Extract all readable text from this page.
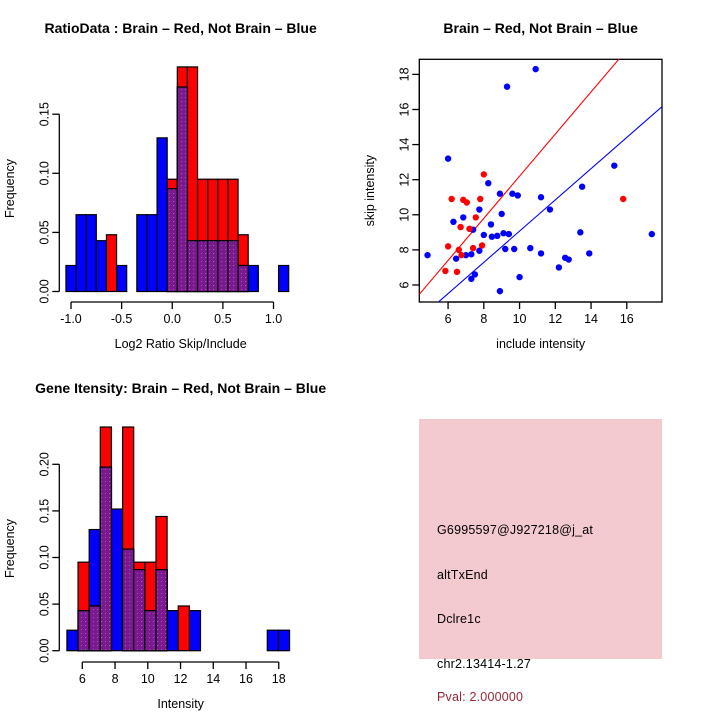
-1.0 -0.5 0.0	0.5	1.0
0.00
0.05
0.10
0.15
RatioData : Brain – Red, Not Brain – Blue
Log2 Ratio Skip/Include
Frequency
6 8 10 12 14 16
6
8
10
12
14
16
18
Brain – Red, Not Brain – Blue
include intensity
skip intensity
6 8 10 12 14 16 18
0.00
0.05
0.10
0.15
0.20
Gene Itensity: Brain – Red, Not Brain – Blue
Intensity
Frequency	G6995597@J927218@j_at
altTxEnd
Dclre1c
chr2.13414-1.27
Pval: 2.000000
